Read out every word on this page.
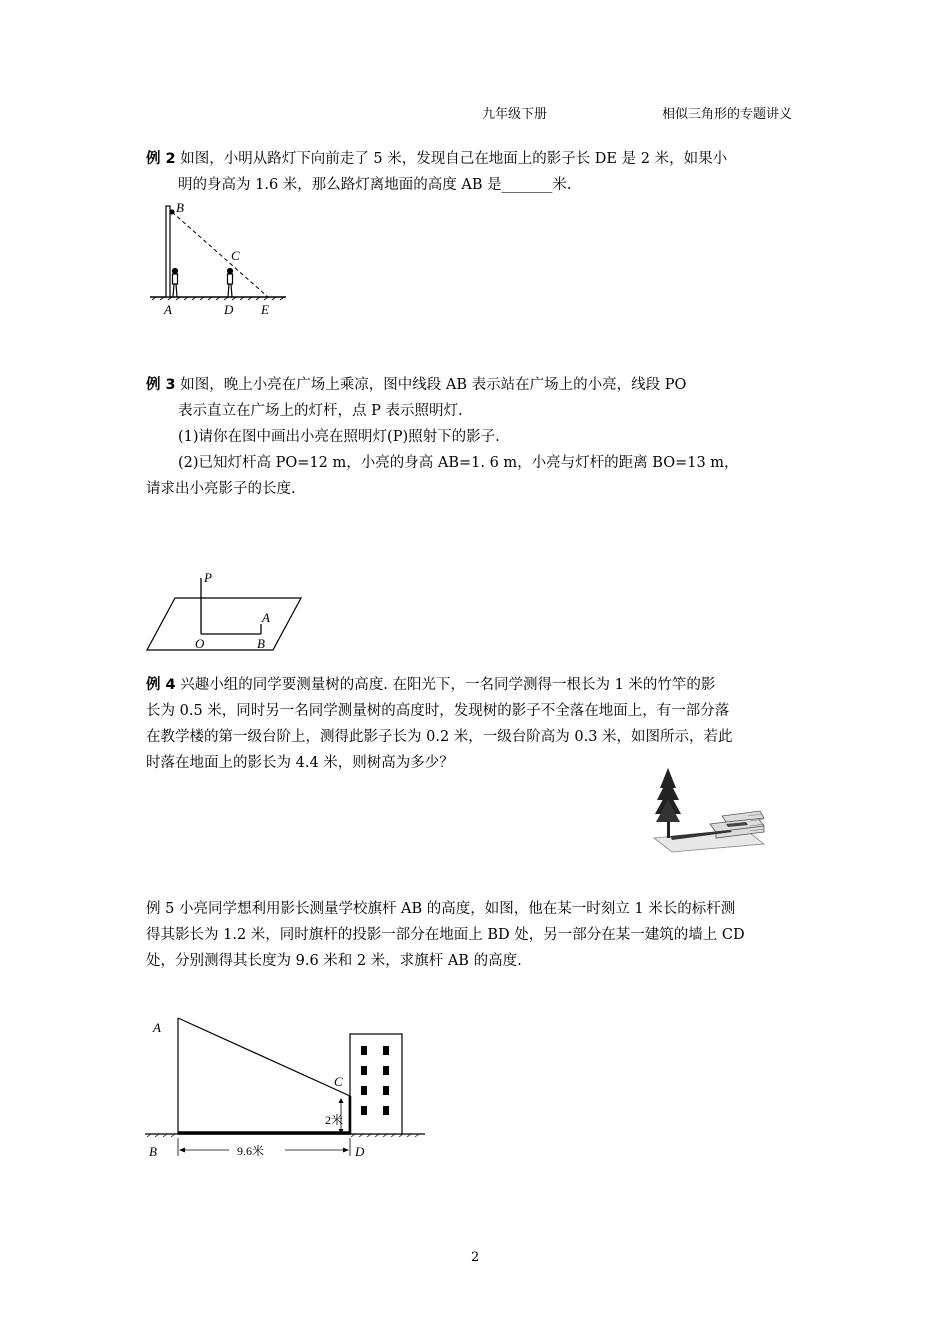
九年级下册	相似三角形的专题讲义
例 2 如图，小明从路灯下向前走了 5 米，发现自己在地面上的影子长 DE 是 2 米，如果小
明的身高为 1.6 米，那么路灯离地面的高度 AB 是_______米.
B
C
A	D E
例 3 如图，晚上小亮在广场上乘凉，图中线段 AB 表示站在广场上的小亮，线段 PO
表示直立在广场上的灯杆，点 P 表示照明灯.
(1)请你在图中画出小亮在照明灯(P)照射下的影子.
(2)已知灯杆高 PO=12 m，小亮的身高 AB=1. 6 m，小亮与灯杆的距离 BO=13 m，
请求出小亮影子的长度.
P
O
A
B
例 4 兴趣小组的同学要测量树的高度. 在阳光下，一名同学测得一根长为 1 米的竹竿的影
长为 0.5 米，同时另一名同学测量树的高度时，发现树的影子不全落在地面上，有一部分落
在教学楼的第一级台阶上，测得此影子长为 0.2 米，一级台阶高为 0.3 米，如图所示，若此
时落在地面上的影长为 4.4 米，则树高为多少？
例 5 小亮同学想利用影长测量学校旗杆 AB 的高度，如图，他在某一时刻立 1 米长的标杆测
得其影长为 1.2 米，同时旗杆的投影一部分在地面上 BD 处，另一部分在某一建筑的墙上 CD
处，分别测得其长度为 9.6 米和 2 米，求旗杆 AB 的高度.
2米
9.6米
A
B
C
D
2
